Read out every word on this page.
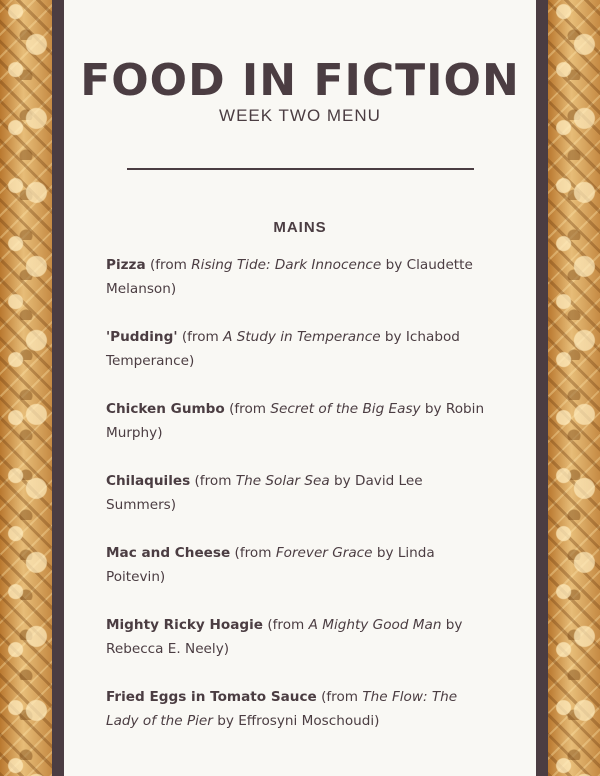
FOOD IN FICTION
WEEK TWO MENU
MAINS
Pizza (from Rising Tide: Dark Innocence by Claudette Melanson)
'Pudding' (from A Study in Temperance by Ichabod Temperance)
Chicken Gumbo (from Secret of the Big Easy by Robin Murphy)
Chilaquiles (from The Solar Sea by David Lee Summers)
Mac and Cheese (from Forever Grace by Linda Poitevin)
Mighty Ricky Hoagie (from A Mighty Good Man by Rebecca E. Neely)
Fried Eggs in Tomato Sauce (from The Flow: The Lady of the Pier by Effrosyni Moschoudi)
